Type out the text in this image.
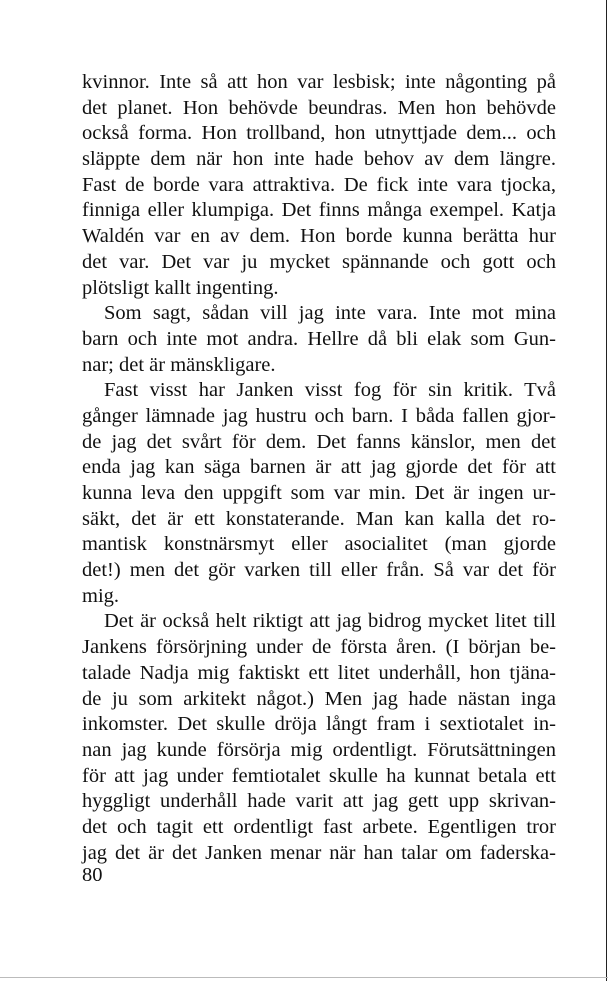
kvinnor. Inte så att hon var lesbisk; inte någonting på
det planet. Hon behövde beundras. Men hon behövde
också forma. Hon trollband, hon utnyttjade dem... och
släppte dem när hon inte hade behov av dem längre.
Fast de borde vara attraktiva. De fick inte vara tjocka,
finniga eller klumpiga. Det finns många exempel. Katja
Waldén var en av dem. Hon borde kunna berätta hur
det var. Det var ju mycket spännande och gott och
plötsligt kallt ingenting.
Som sagt, sådan vill jag inte vara. Inte mot mina
barn och inte mot andra. Hellre då bli elak som Gun-
nar; det är mänskligare.
Fast visst har Janken visst fog för sin kritik. Två
gånger lämnade jag hustru och barn. I båda fallen gjor-
de jag det svårt för dem. Det fanns känslor, men det
enda jag kan säga barnen är att jag gjorde det för att
kunna leva den uppgift som var min. Det är ingen ur-
säkt, det är ett konstaterande. Man kan kalla det ro-
mantisk konstnärsmyt eller asocialitet (man gjorde
det!) men det gör varken till eller från. Så var det för
mig.
Det är också helt riktigt att jag bidrog mycket litet till
Jankens försörjning under de första åren. (I början be-
talade Nadja mig faktiskt ett litet underhåll, hon tjäna-
de ju som arkitekt något.) Men jag hade nästan inga
inkomster. Det skulle dröja långt fram i sextiotalet in-
nan jag kunde försörja mig ordentligt. Förutsättningen
för att jag under femtiotalet skulle ha kunnat betala ett
hyggligt underhåll hade varit att jag gett upp skrivan-
det och tagit ett ordentligt fast arbete. Egentligen tror
jag det är det Janken menar när han talar om faderska-
80
